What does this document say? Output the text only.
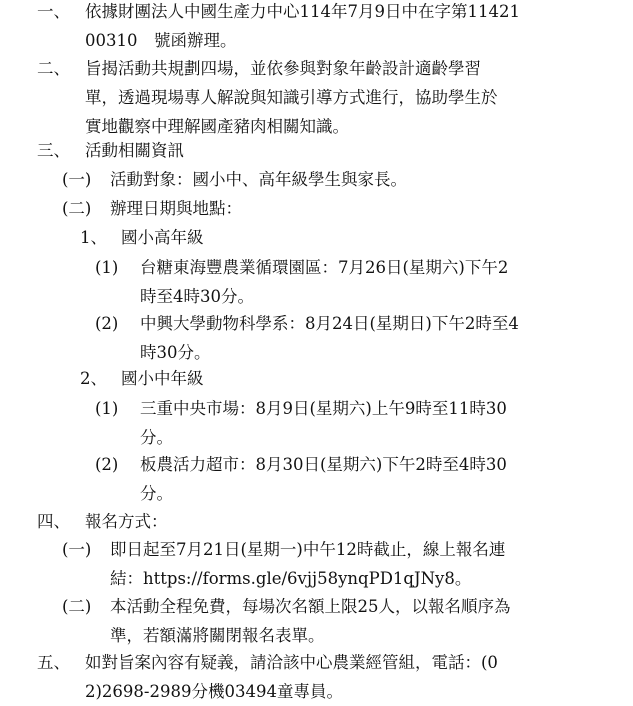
一、 依據財團法人中國生產力中心114年7月9日中在字第11421
00310　號函辦理。
二、 旨揭活動共規劃四場，並依參與對象年齡設計適齡學習
單，透過現場專人解說與知識引導方式進行，協助學生於
實地觀察中理解國產豬肉相關知識。
三、 活動相關資訊
(一) 活動對象：國小中、高年級學生與家長。
(二) 辦理日期與地點：
1、 國小高年級
(1) 台糖東海豐農業循環園區：7月26日(星期六)下午2
時至4時30分。
(2) 中興大學動物科學系：8月24日(星期日)下午2時至4
時30分。
2、 國小中年級
(1) 三重中央市場：8月9日(星期六)上午9時至11時30
分。
(2) 板農活力超市：8月30日(星期六)下午2時至4時30
分。
四、 報名方式：
(一) 即日起至7月21日(星期一)中午12時截止，線上報名連
結：https://forms.gle/6vjj58ynqPD1qJNy8。
(二) 本活動全程免費，每場次名額上限25人，以報名順序為
準，若額滿將關閉報名表單。
五、 如對旨案內容有疑義，請洽該中心農業經管組，電話：(0
2)2698-2989分機03494童專員。
